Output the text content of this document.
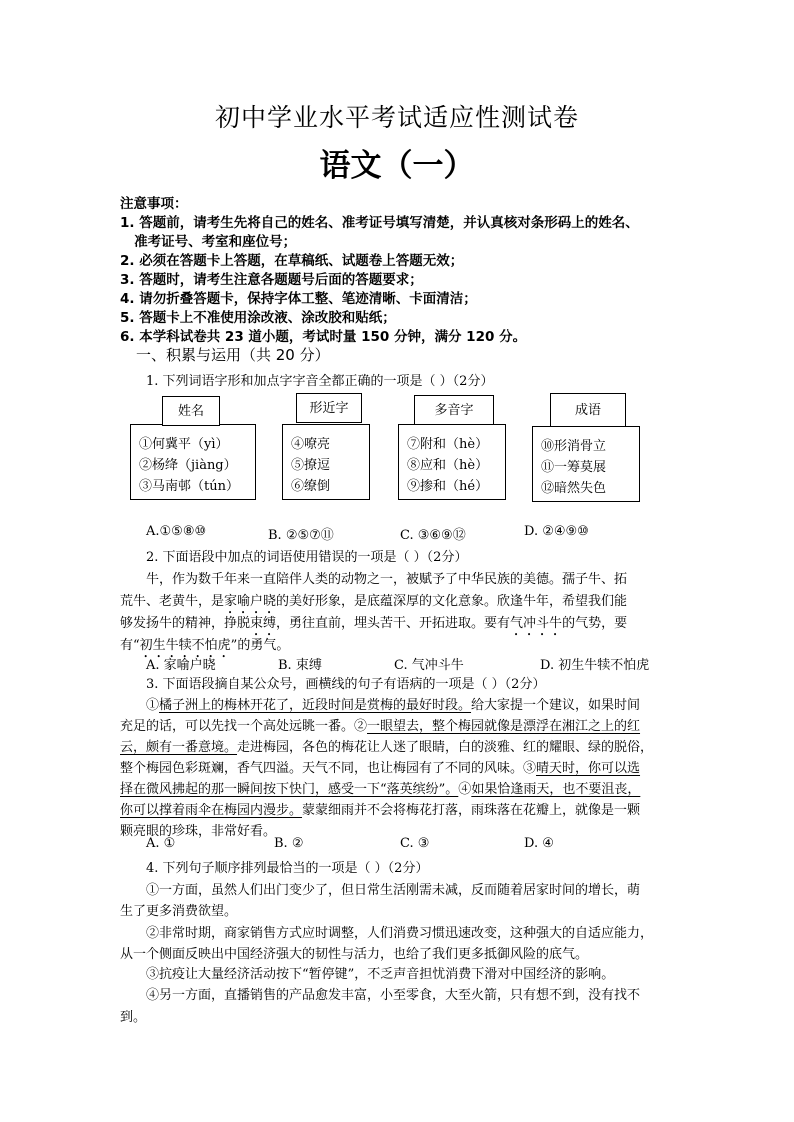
初中学业水平考试适应性测试卷
语文（一）
注意事项：
1. 答题前，请考生先将自己的姓名、准考证号填写清楚，并认真核对条形码上的姓名、
准考证号、考室和座位号；
2. 必须在答题卡上答题，在草稿纸、试题卷上答题无效；
3. 答题时，请考生注意各题题号后面的答题要求；
4. 请勿折叠答题卡，保持字体工整、笔迹清晰、卡面清洁；
5. 答题卡上不准使用涂改液、涂改胶和贴纸；
6. 本学科试卷共 23 道小题，考试时量 150 分钟，满分 120 分。
一、积累与运用（共 20 分）
1. 下列词语字形和加点字字音全都正确的一项是（ ）（2分）
①何冀平（yì）
②杨绛（jiàng）
③马南邨（tún）
姓名
④嘹亮
⑤撩逗
⑥缭倒
形近字
⑦附和（hè）
⑧应和（hè）
⑨掺和（hé）
多音字
⑩形消骨立
⑪一筹莫展
⑫暗然失色
成语
A.①⑤⑧⑩	B. ②⑤⑦⑪	C. ③⑥⑨⑫	D. ②④⑨⑩
2. 下面语段中加点的词语使用错误的一项是（ ）（2分）
牛，作为数千年来一直陪伴人类的动物之一，被赋予了中华民族的美德。孺子牛、拓
荒牛、老黄牛，是家喻户晓的美好形象，是底蕴深厚的文化意象。欣逢牛年，希望我们能
够发扬牛的精神，挣脱束缚，勇往直前，埋头苦干、开拓进取。要有气冲斗牛的气势，要
有“初生牛犊不怕虎”的勇气。
A. 家喻户晓	B. 束缚	C. 气冲斗牛	D. 初生牛犊不怕虎
3. 下面语段摘自某公众号，画横线的句子有语病的一项是（ ）（2分）
①橘子洲上的梅林开花了，近段时间是赏梅的最好时段。给大家提一个建议，如果时间
充足的话，可以先找一个高处远眺一番。②一眼望去，整个梅园就像是漂浮在湘江之上的红
云，颇有一番意境。走进梅园，各色的梅花让人迷了眼睛，白的淡雅、红的耀眼、绿的脱俗，
整个梅园色彩斑斓，香气四溢。天气不同，也让梅园有了不同的风味。③晴天时，你可以选
择在微风拂起的那一瞬间按下快门，感受一下“落英缤纷”。④如果恰逢雨天，也不要沮丧，
你可以撑着雨伞在梅园内漫步。蒙蒙细雨并不会将梅花打落，雨珠落在花瓣上，就像是一颗
颗亮眼的珍珠，非常好看。
A. ①	B. ②	C. ③	D. ④
4. 下列句子顺序排列最恰当的一项是（ ）（2分）
①一方面，虽然人们出门变少了，但日常生活刚需未减，反而随着居家时间的增长，萌
生了更多消费欲望。
②非常时期，商家销售方式应时调整，人们消费习惯迅速改变，这种强大的自适应能力，
从一个侧面反映出中国经济强大的韧性与活力，也给了我们更多抵御风险的底气。
③抗疫让大量经济活动按下“暂停键”，不乏声音担忧消费下滑对中国经济的影响。
④另一方面，直播销售的产品愈发丰富，小至零食，大至火箭，只有想不到，没有找不
到。
